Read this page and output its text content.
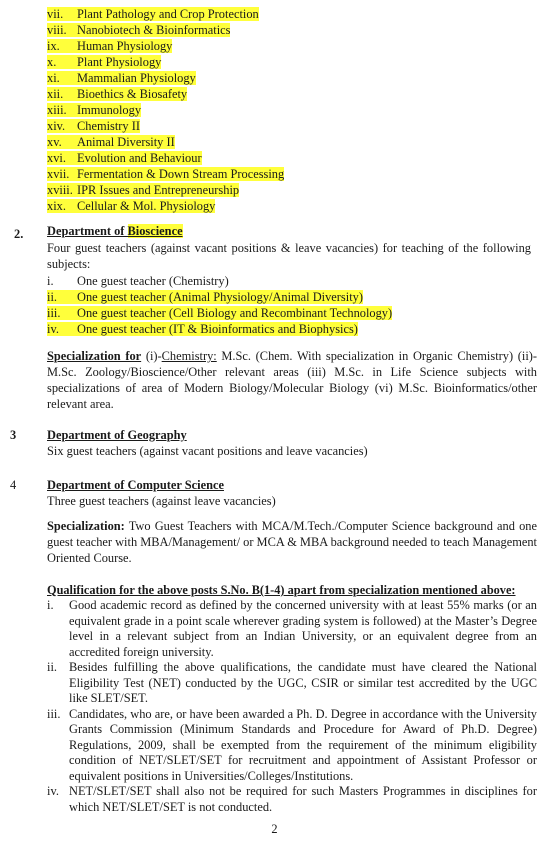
vii. Plant Pathology and Crop Protection
viii. Nanobiotech & Bioinformatics
ix. Human Physiology
x. Plant Physiology
xi. Mammalian Physiology
xii. Bioethics & Biosafety
xiii. Immunology
xiv. Chemistry II
xv. Animal Diversity II
xvi. Evolution and Behaviour
xvii. Fermentation & Down Stream Processing
xviii. IPR Issues and Entrepreneurship
xix. Cellular & Mol. Physiology
2. Department of Bioscience
Four guest teachers (against vacant positions & leave vacancies) for teaching of the following subjects:
i. One guest teacher (Chemistry)
ii. One guest teacher (Animal Physiology/Animal Diversity)
iii. One guest teacher (Cell Biology and Recombinant Technology)
iv. One guest teacher (IT & Bioinformatics and Biophysics)
Specialization for (i)-Chemistry: M.Sc. (Chem. With specialization in Organic Chemistry) (ii)- M.Sc. Zoology/Bioscience/Other relevant areas (iii) M.Sc. in Life Science subjects with specializations of area of Modern Biology/Molecular Biology (vi) M.Sc. Bioinformatics/other relevant area.
3 Department of Geography
Six guest teachers (against vacant positions and leave vacancies)
4 Department of Computer Science
Three guest teachers (against leave vacancies)
Specialization: Two Guest Teachers with MCA/M.Tech./Computer Science background and one guest teacher with MBA/Management/ or MCA & MBA background needed to teach Management Oriented Course.
Qualification for the above posts S.No. B(1-4) apart from specialization mentioned above:
i.	Good academic record as defined by the concerned university with at least 55% marks (or an equivalent grade in a point scale wherever grading system is followed) at the Master’s Degree level in a relevant subject from an Indian University, or an equivalent degree from an accredited foreign university.
ii. Besides fulfilling the above qualifications, the candidate must have cleared the National Eligibility Test (NET) conducted by the UGC, CSIR or similar test accredited by the UGC like SLET/SET.
iii. Candidates, who are, or have been awarded a Ph. D. Degree in accordance with the University Grants Commission (Minimum Standards and Procedure for Award of Ph.D. Degree) Regulations, 2009, shall be exempted from the requirement of the minimum eligibility condition of NET/SLET/SET for recruitment and appointment of Assistant Professor or equivalent positions in Universities/Colleges/Institutions.
iv. NET/SLET/SET shall also not be required for such Masters Programmes in disciplines for which NET/SLET/SET is not conducted.
2
